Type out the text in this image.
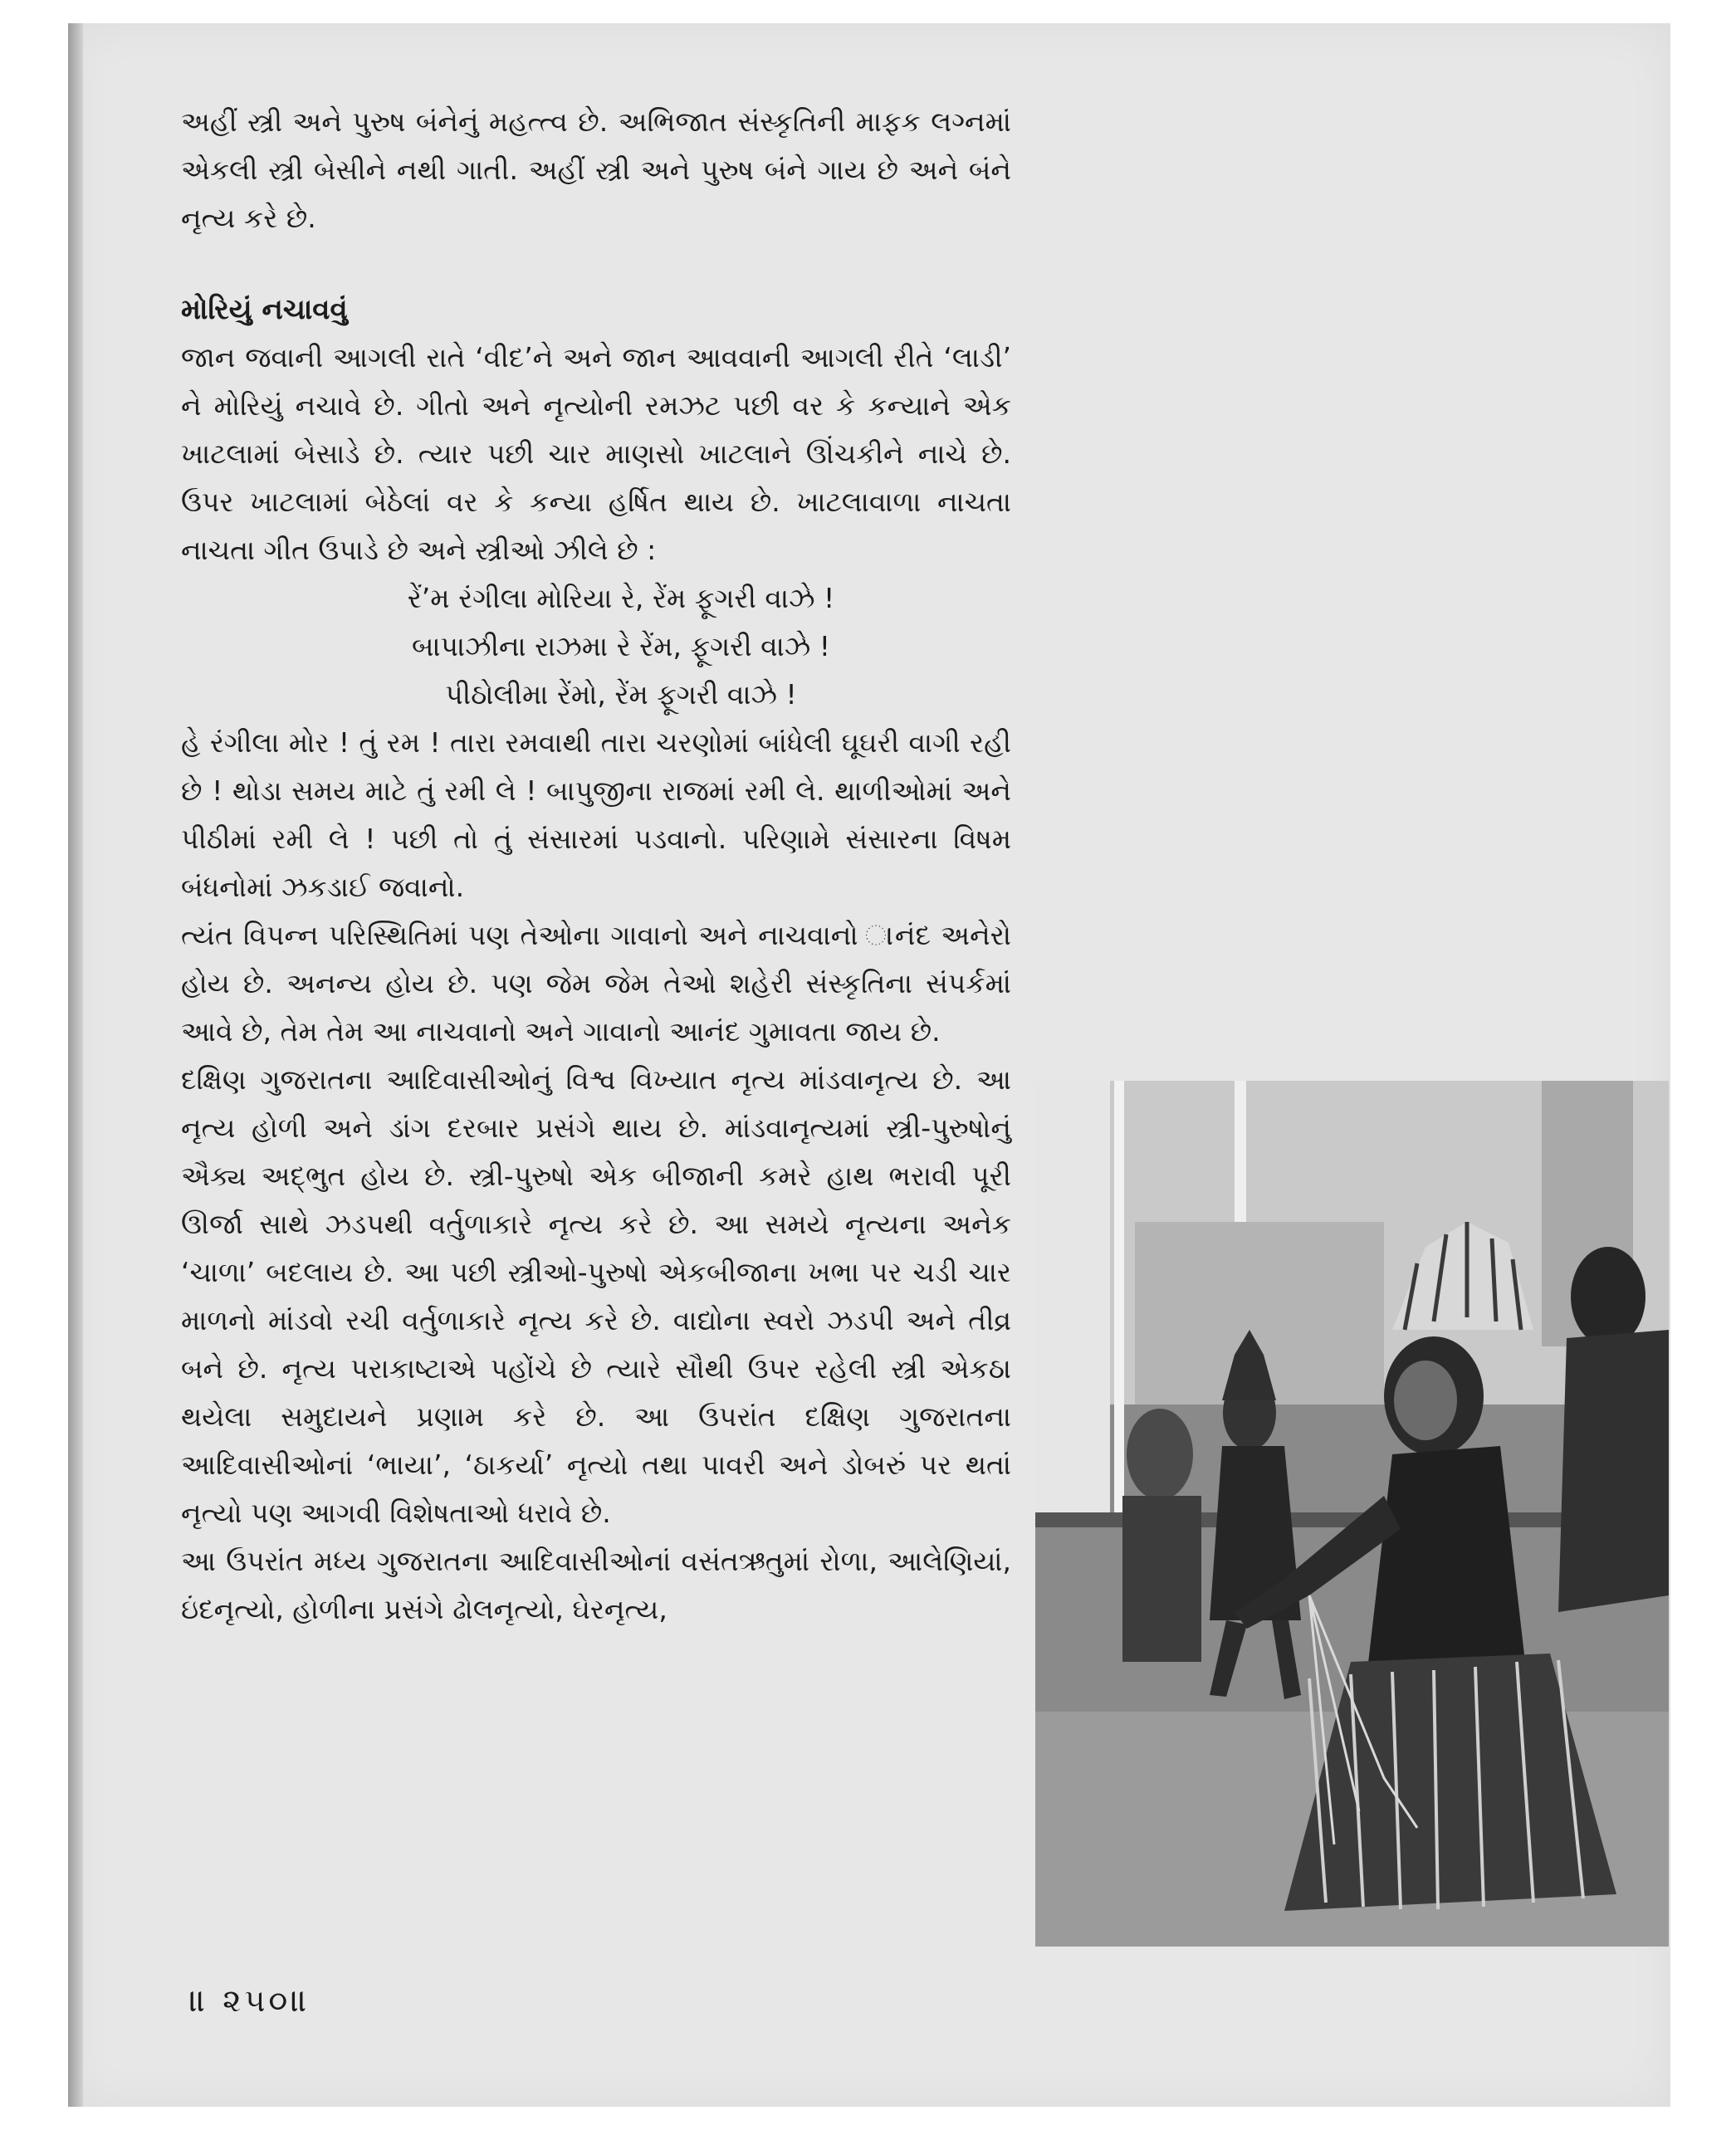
અહીં સ્ત્રી અને પુરુષ બંનેનું મહત્ત્વ છે. અભિજાત સંસ્કૃતિની માફક લગ્નમાં એકલી સ્ત્રી બેસીને નથી ગાતી. અહીં સ્ત્રી અને પુરુષ બંને ગાય છે અને બંને નૃત્ય કરે છે.

મોરિયું નચાવવું

જાન જવાની આગલી રાતે ‘વીદ’ને અને જાન આવવાની આગલી રીતે ‘લાડી’ ને મોરિયું નચાવે છે. ગીતો અને નૃત્યોની રમઝટ પછી વર કે કન્યાને એક ખાટલામાં બેસાડે છે. ત્યાર પછી ચાર માણસો ખાટલાને ઊંચકીને નાચે છે. ઉપર ખાટલામાં બેઠેલાં વર કે કન્યા હર્ષિત થાય છે. ખાટલાવાળા નાચતા નાચતા ગીત ઉપાડે છે અને સ્ત્રીઓ ઝીલે છે :

રેંʼમ રંગીલા મોરિયા રે, રેંમ ફૂગરી વાઝે !

બાપાઝીના રાઝમા રે રેંમ, ફૂગરી વાઝે !

પીઠોલીમા રેંમો, રેંમ ફૂગરી વાઝે !

હે રંગીલા મોર ! તું રમ ! તારા રમવાથી તારા ચરણોમાં બાંધેલી ઘૂઘરી વાગી રહી છે ! થોડા સમય માટે તું રમી લે ! બાપુજીના રાજમાં રમી લે. થાળીઓમાં અને પીઠીમાં રમી લે ! પછી તો તું સંસારમાં પડવાનો. પરિણામે સંસારના વિષમ બંધનોમાં ઝકડાઈ જવાનો.

ત્યંત વિપન્ન પરિસ્થિતિમાં પણ તેઓના ગાવાનો અને નાચવાનો ાનંદ અનેરો હોય છે. અનન્ય હોય છે. પણ જેમ જેમ તેઓ શહેરી સંસ્કૃતિના સંપર્કમાં આવે છે, તેમ તેમ આ નાચવાનો અને ગાવાનો આનંદ ગુમાવતા જાય છે.

દક્ષિણ ગુજરાતના આદિવાસીઓનું વિશ્વ વિખ્યાત નૃત્ય માંડવાનૃત્ય છે. આ નૃત્ય હોળી અને ડાંગ દરબાર પ્રસંગે થાય છે. માંડવાનૃત્યમાં સ્ત્રી-પુરુષોનું ઐક્ય અદ્ભુત હોય છે. સ્ત્રી-પુરુષો એક બીજાની કમરે હાથ ભરાવી પૂરી ઊર્જા સાથે ઝડપથી વર્તુળાકારે નૃત્ય કરે છે. આ સમયે નૃત્યના અનેક ‘ચાળા’ બદલાય છે. આ પછી સ્ત્રીઓ-પુરુષો એકબીજાના ખભા પર ચડી ચાર માળનો માંડવો રચી વર્તુળાકારે નૃત્ય કરે છે. વાદ્યોના સ્વરો ઝડપી અને તીવ્ર બને છે. નૃત્ય પરાકાષ્ટાએ પહોંચે છે ત્યારે સૌથી ઉપર રહેલી સ્ત્રી એકઠા થયેલા સમુદાયને પ્રણામ કરે છે. આ ઉપરાંત દક્ષિણ ગુજરાતના આદિવાસીઓનાં ‘ભાયા’, ‘ઠાકર્યા’ નૃત્યો તથા પાવરી અને ડોબરું પર થતાં નૃત્યો પણ આગવી વિશેષતાઓ ધરાવે છે.

આ ઉપરાંત મધ્ય ગુજરાતના આદિવાસીઓનાં વસંતઋતુમાં રોળા, આલેણિયાં, ઇંદનૃત્યો, હોળીના પ્રસંગે ઢોલનૃત્યો, ઘેરનૃત્ય,

॥ ૨૫૦॥
